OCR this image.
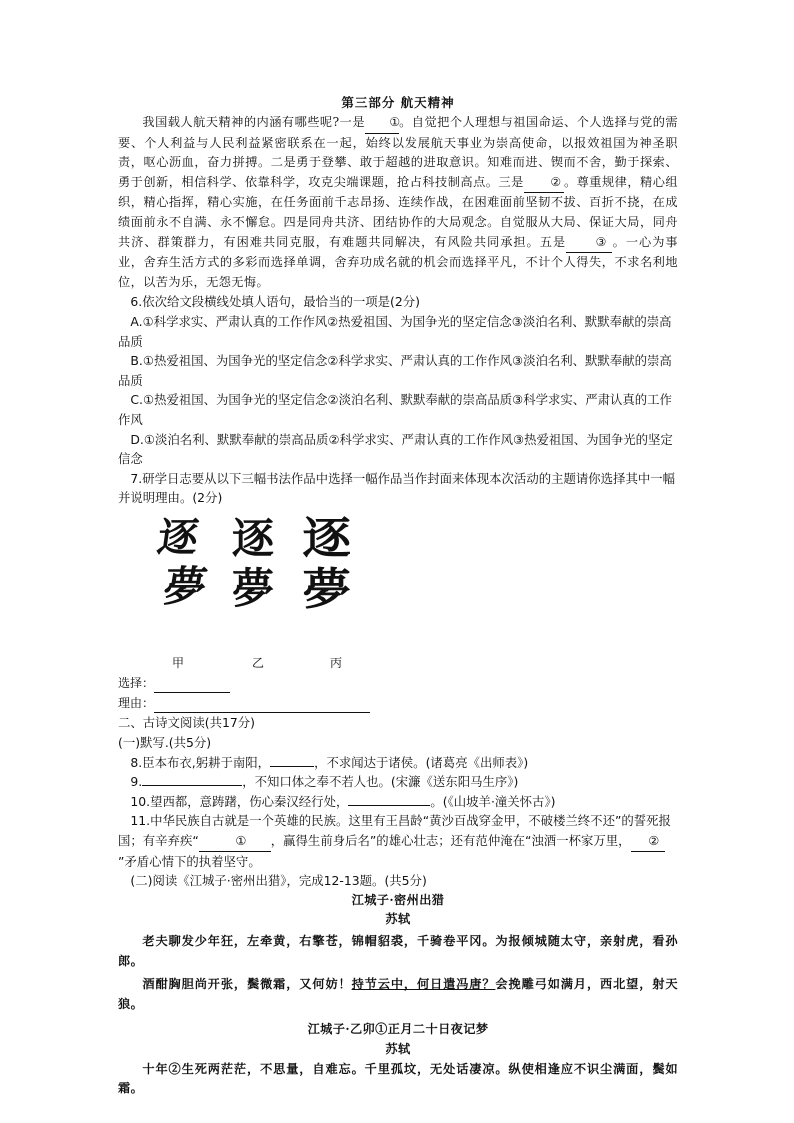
第三部分 航天精神

我国载人航天精神的内涵有哪些呢?一是 ①。自觉把个人理想与祖国命运、个人选择与党的需要、个人利益与人民利益紧密联系在一起，始终以发展航天事业为崇高使命，以报效祖国为神圣职责，呕心沥血，奋力拼搏。二是勇于登攀、敢于超越的进取意识。知难而进、锲而不舍，勤于探索、勇于创新，相信科学、依靠科学，攻克尖端课题，抢占科技制高点。三是 ② 。尊重规律，精心组织，精心指挥，精心实施，在任务面前千志昂扬、连续作战，在困难面前坚韧不拔、百折不挠，在成绩面前永不自满、永不懈怠。四是同舟共济、团结协作的大局观念。自觉服从大局、保证大局，同舟共济、群策群力，有困难共同克服，有难题共同解决，有风险共同承担。五是 ③ 。一心为事业，舍弃生活方式的多彩而选择单调，舍弃功成名就的机会而选择平凡，不计个人得失，不求名利地位，以苦为乐，无怨无悔。

6.依次给文段横线处填人语句，最恰当的一项是(2分)

A.①科学求实、严肃认真的工作作风②热爱祖国、为国争光的坚定信念③淡泊名利、默默奉献的崇高品质

B.①热爱祖国、为国争光的坚定信念②科学求实、严肃认真的工作作风③淡泊名利、默默奉献的崇高品质

C.①热爱祖国、为国争光的坚定信念②淡泊名利、默默奉献的崇高品质③科学求实、严肃认真的工作作风

D.①淡泊名利、默默奉献的崇高品质②科学求实、严肃认真的工作作风③热爱祖国、为国争光的坚定信念

7.研学日志要从以下三幅书法作品中选择一幅作品当作封面来体现本次活动的主题请你选择其中一幅并说明理由。(2分)

逐
夢
逐
夢
逐
夢
甲	乙	丙

选择：

理由：

二、古诗文阅读(共17分)

(一)默写.(共5分)

8.臣本布衣,躬耕于南阳，	，不求闻达于诸侯。(诸葛亮《出师表》)

9.	，不知口体之奉不若人也。(宋濂《送东阳马生序》)

10.望西都，意踌躇，伤心秦汉经行处，	。(《山坡羊·潼关怀古》)

11.中华民族自古就是一个英雄的民族。这里有王昌龄“黄沙百战穿金甲，不破楼兰终不还”的誓死报国；有辛弃疾“	① ，赢得生前身后名”的雄心壮志；还有范仲淹在“浊酒一杯家万里， ②”矛盾心情下的执着坚守。

(二)阅读《江城子·密州出猎》，完成12-13题。(共5分)

江城子·密州出猎

苏轼

老夫聊发少年狂，左牵黄，右擎苍，锦帽貂裘，千骑卷平冈。为报倾城随太守，亲射虎，看孙郎。

酒酣胸胆尚开张，鬓微霜，又何妨！持节云中，何日遣冯唐？会挽雕弓如满月，西北望，射天狼。

江城子·乙卯①正月二十日夜记梦

苏轼

十年②生死两茫茫，不思量，自难忘。千里孤坟，无处话凄凉。纵使相逢应不识尘满面，鬓如霜。
